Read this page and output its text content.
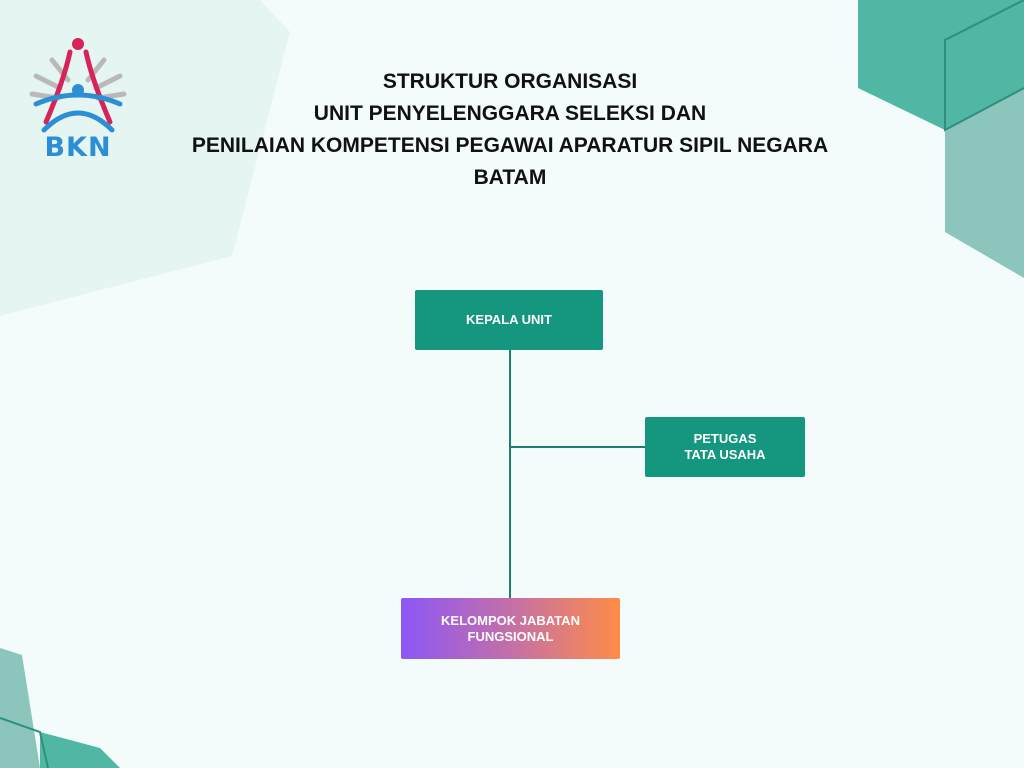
BKN
STRUKTUR ORGANISASI
UNIT PENYELENGGARA SELEKSI DAN
PENILAIAN KOMPETENSI PEGAWAI APARATUR SIPIL NEGARA
BATAM
KEPALA UNIT
PETUGAS
TATA USAHA
KELOMPOK JABATAN
FUNGSIONAL
